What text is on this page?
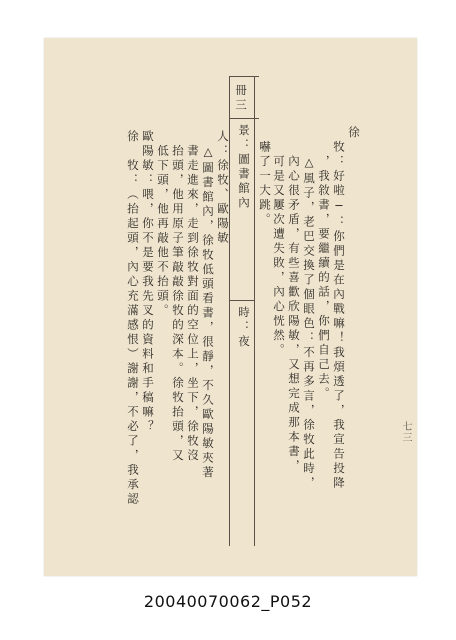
冊三
景：圖書館內
時：夜
人：徐牧、歐陽敏	徐
　牧：好啦─：你們是在內戰嘛！我煩透了，我宣告投降
　　，我敘書，要繼續的話，你們自己去。
　　△風子，老巴交換了個眼色：不再多言，徐牧此時，
　　內心很矛盾，有些喜歡欣陽敏，又想完成那本書，
　　可是又屢次遭失敗，內心恍然。
　嚇了一大跳。
　△圖書館內，徐牧低頭看書，很靜，不久歐陽敏夾著
　書走進來，走到徐牧對面的空位上，坐下，徐牧沒
　抬頭，他用原子筆敲敲徐牧的深本。徐牧抬頭，又
　低下頭，他再敲他不抬頭。
歐陽敏：喂，你不是要我先叉的資料和手稿嘛？
徐　牧：（抬起頭，內心充滿感恨）謝謝，不必了，我承認	七三
20040070062_P052
